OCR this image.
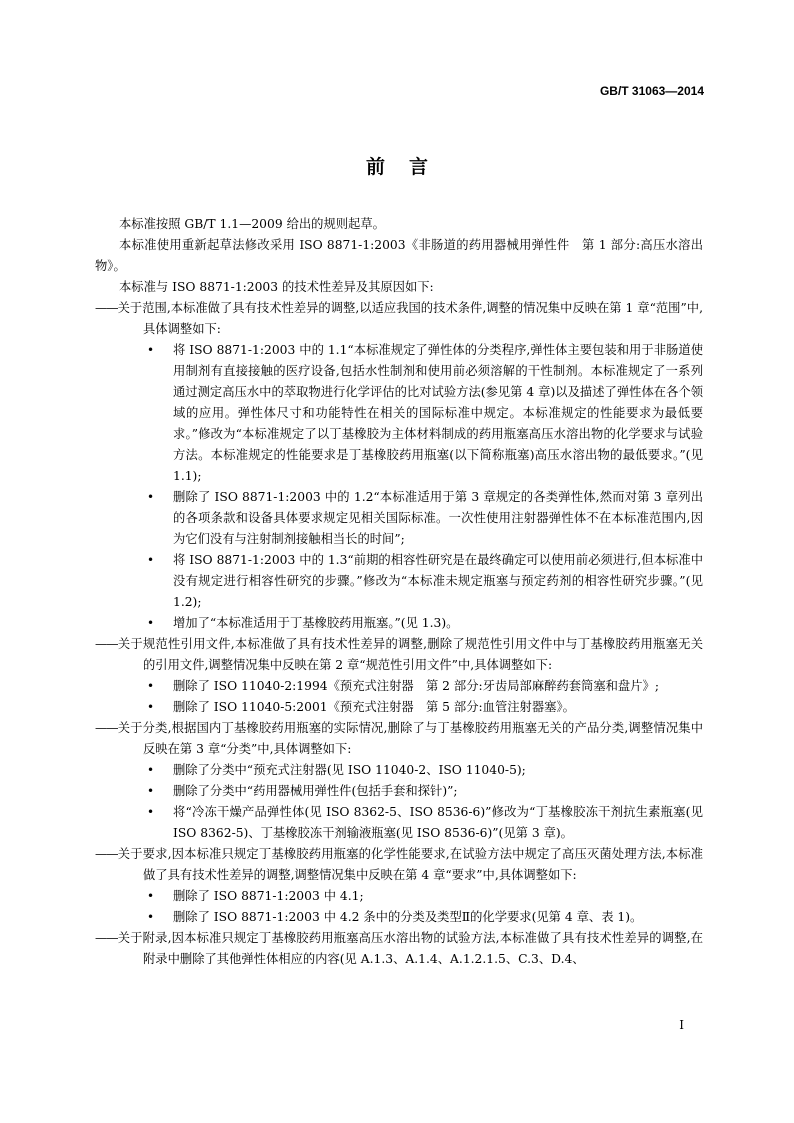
GB/T 31063—2014
前言

本标准按照 GB/T 1.1—2009 给出的规则起草。

本标准使用重新起草法修改采用 ISO 8871-1:2003《非肠道的药用器械用弹性件　第 1 部分:高压水溶出物》。

本标准与 ISO 8871-1:2003 的技术性差异及其原因如下:

——关于范围,本标准做了具有技术性差异的调整,以适应我国的技术条件,调整的情况集中反映在第 1 章“范围”中,具体调整如下:

• 将 ISO 8871-1:2003 中的 1.1“本标准规定了弹性体的分类程序,弹性体主要包装和用于非肠道使用制剂有直接接触的医疗设备,包括水性制剂和使用前必须溶解的干性制剂。本标准规定了一系列通过测定高压水中的萃取物进行化学评估的比对试验方法(参见第 4 章)以及描述了弹性体在各个领域的应用。弹性体尺寸和功能特性在相关的国际标准中规定。本标准规定的性能要求为最低要求。”修改为“本标准规定了以丁基橡胶为主体材料制成的药用瓶塞高压水溶出物的化学要求与试验方法。本标准规定的性能要求是丁基橡胶药用瓶塞(以下简称瓶塞)高压水溶出物的最低要求。”(见 1.1);

• 删除了 ISO 8871-1:2003 中的 1.2“本标准适用于第 3 章规定的各类弹性体,然而对第 3 章列出的各项条款和设备具体要求规定见相关国际标准。一次性使用注射器弹性体不在本标准范围内,因为它们没有与注射制剂接触相当长的时间”;

• 将 ISO 8871-1:2003 中的 1.3“前期的相容性研究是在最终确定可以使用前必须进行,但本标准中没有规定进行相容性研究的步骤。”修改为“本标准未规定瓶塞与预定药剂的相容性研究步骤。”(见 1.2);

• 增加了“本标准适用于丁基橡胶药用瓶塞。”(见 1.3)。

——关于规范性引用文件,本标准做了具有技术性差异的调整,删除了规范性引用文件中与丁基橡胶药用瓶塞无关的引用文件,调整情况集中反映在第 2 章“规范性引用文件”中,具体调整如下:

• 删除了 ISO 11040-2:1994《预充式注射器　第 2 部分:牙齿局部麻醉药套筒塞和盘片》;

• 删除了 ISO 11040-5:2001《预充式注射器　第 5 部分:血管注射器塞》。

——关于分类,根据国内丁基橡胶药用瓶塞的实际情况,删除了与丁基橡胶药用瓶塞无关的产品分类,调整情况集中反映在第 3 章“分类”中,具体调整如下:

• 删除了分类中“预充式注射器(见 ISO 11040-2、ISO 11040-5);

• 删除了分类中“药用器械用弹性件(包括手套和探针)”;

• 将“冷冻干燥产品弹性体(见 ISO 8362-5、ISO 8536-6)”修改为“丁基橡胶冻干剂抗生素瓶塞(见 ISO 8362-5)、丁基橡胶冻干剂输液瓶塞(见 ISO 8536-6)”(见第 3 章)。

——关于要求,因本标准只规定丁基橡胶药用瓶塞的化学性能要求,在试验方法中规定了高压灭菌处理方法,本标准做了具有技术性差异的调整,调整情况集中反映在第 4 章“要求”中,具体调整如下:

• 删除了 ISO 8871-1:2003 中 4.1;

• 删除了 ISO 8871-1:2003 中 4.2 条中的分类及类型Ⅱ的化学要求(见第 4 章、表 1)。

——关于附录,因本标准只规定丁基橡胶药用瓶塞高压水溶出物的试验方法,本标准做了具有技术性差异的调整,在附录中删除了其他弹性体相应的内容(见 A.1.3、A.1.4、A.1.2.1.5、C.3、D.4、

I
